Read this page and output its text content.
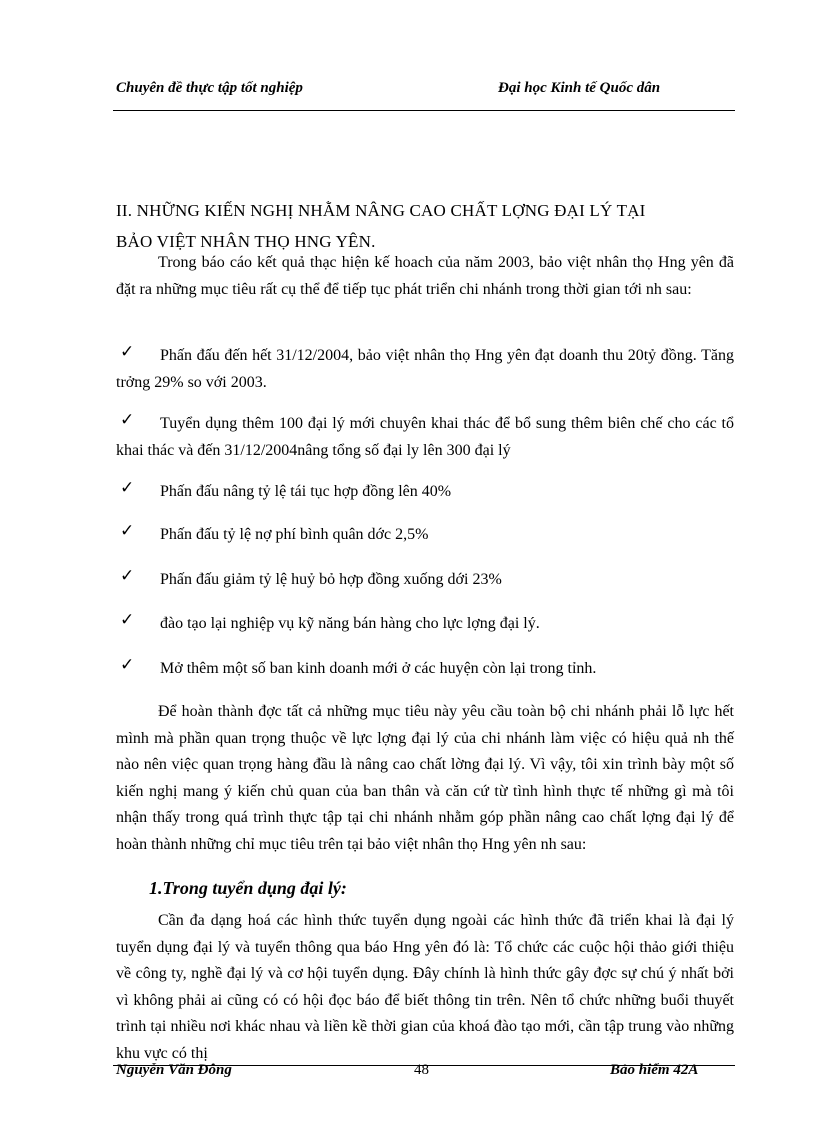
Chuyên đề thực tập tốt nghiệp	Đại học Kinh tế Quốc dân
II. NHỮNG KIẾN NGHỊ NHẰM NÂNG CAO CHẤT LỢNG ĐẠI LÝ TẠI
BẢO VIỆT NHÂN THỌ HNG YÊN.
Trong báo cáo kết quả thạc hiện kế hoach của năm 2003, bảo việt nhân thọ Hng yên đã đặt ra những mục tiêu rất cụ thể để tiếp tục phát triển chi nhánh trong thời gian tới nh sau:
✓	Phấn đấu đến hết 31/12/2004, bảo việt nhân thọ Hng yên đạt doanh thu 20tỷ đồng. Tăng trởng 29% so với 2003.
✓	Tuyển dụng thêm 100 đại lý mới chuyên khai thác để bổ sung thêm biên chế cho các tổ khai thác và đến 31/12/2004nâng tổng số đại ly lên 300 đại lý
✓	Phấn đấu nâng tỷ lệ tái tục hợp đồng lên 40%
✓	Phấn đấu tỷ lệ nợ phí bình quân dớc 2,5%
✓	Phấn đấu giảm tỷ lệ huỷ bỏ hợp đồng xuống dới 23%
✓	đào tạo lại nghiệp vụ kỹ năng bán hàng cho lực lợng đại lý.
✓	Mở thêm một số ban kinh doanh mới ở các huyện còn lại trong tỉnh.
Để hoàn thành đợc tất cả những mục tiêu này yêu cầu toàn bộ chi nhánh phải lỗ lực hết mình mà phần quan trọng thuộc về lực lợng đại lý của chi nhánh làm việc có hiệu quả nh thế nào nên việc quan trọng hàng đầu là nâng cao chất lờng đại lý. Vì vậy, tôi xin trình bày một số kiến nghị mang ý kiến chủ quan của ban thân và căn cứ từ tình hình thực tế những gì mà tôi nhận thấy trong quá trình thực tập tại chi nhánh nhằm góp phần nâng cao chất lợng đại lý để hoàn thành những chỉ mục tiêu trên tại bảo việt nhân thọ Hng yên nh sau:
1.Trong tuyển dụng đại lý:
Cần đa dạng hoá các hình thức tuyển dụng ngoài các hình thức đã triển khai là đại lý tuyển dụng đại lý và tuyển thông qua báo Hng yên đó là: Tổ chức các cuộc hội thảo giới thiệu về công ty, nghề đại lý và cơ hội tuyển dụng. Đây chính là hình thức gây đợc sự chú ý nhất bởi vì không phải ai cũng có có hội đọc báo để biết thông tin trên. Nên tổ chức những buổi thuyết trình tại nhiều nơi khác nhau và liền kề thời gian của khoá đào tạo mới, cần tập trung vào những khu vực có thị
Nguyễn Văn Đông	48	Bảo hiểm 42A
